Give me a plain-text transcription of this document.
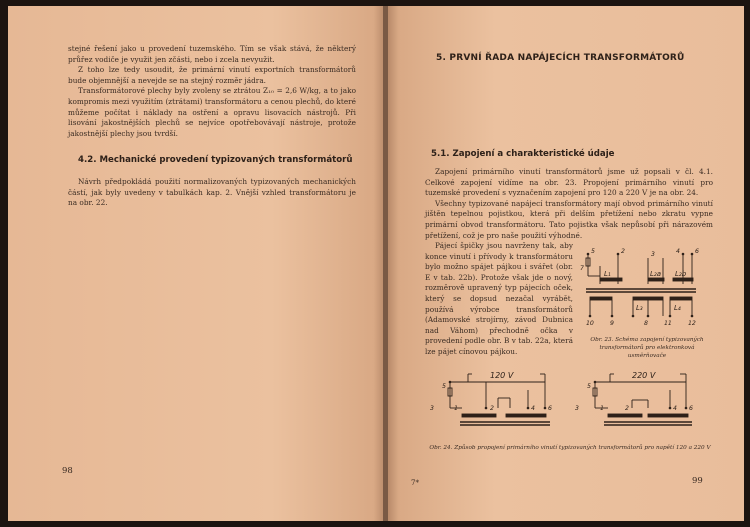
stejné řešení jako u provedení tuzemského. Tím se však stává, že některý průřez vodiče je využit jen zčásti, nebo i zcela nevyužit.

Z toho lze tedy usoudit, že primární vinutí exportních transformátorů bude objemnější a nevejde se na stejný rozměr jádra.

Transformátorové plechy byly zvoleny se ztrátou Z₁₀ = 2,6 W/kg, a to jako kompromis mezi využitím (ztrátami) transformátoru a cenou plechů, do které můžeme počítat i náklady na ostření a opravu lisovacích nástrojů. Při lisování jakostnějších plechů se nejvíce opotřebovávají nástroje, protože jakostnější plechy jsou tvrdší.

4.2. Mechanické provedení typizovaných transformátorů

Návrh předpokládá použití normalizovaných typizovaných mechanických částí, jak byly uvedeny v tabulkách kap. 2. Vnější vzhled transformátoru je na obr. 22.

98
5. PRVNÍ ŘADA NAPÁJECÍCH TRANSFORMÁTORŮ
5.1. Zapojení a charakteristické údaje

Zapojení primárního vinutí transformátorů jsme už popsali v čl. 4.1. Celkové zapojení vidíme na obr. 23. Propojení primárního vinutí pro tuzemské provedení s vyznačením zapojení pro 120 a 220 V je na obr. 24.

Všechny typizované napájecí transformátory mají obvod primárního vinutí jištěn tepelnou pojistkou, která při delším přetížení nebo zkratu vypne primární obvod transformátoru. Tato pojistka však nepůsobí při nárazovém přetížení, což je pro naše použití výhodné.

Pájecí špičky jsou navrženy tak, aby konce vinutí i přívody k transformátoru bylo možno spájet pájkou i svářet (obr. E v tab. 22b). Protože však jde o nový, rozměrově upravený typ pájecích oček, který se dopsud nezačal vyrábět, používá výrobce transformátorů (Adamovské strojírny, závod Dubnica nad Váhom) přechodně očka v provedení podle obr. B v tab. 22a, která lze pájet cínovou pájkou.

7
5	2	3	4 6
L₁	L₂a L₂b
L₃	L₄
10	9	8	11	12
Obr. 23. Schéma zapojení typizovaných transformátorů pro elektronková usměrňovače
120 V	220 V
5
3	1	2	4 6
5
3	1	2	4 6
Obr. 24. Způsob propojení primárního vinutí typizovaných transformátorů pro napětí 120 a 220 V
7*	99
